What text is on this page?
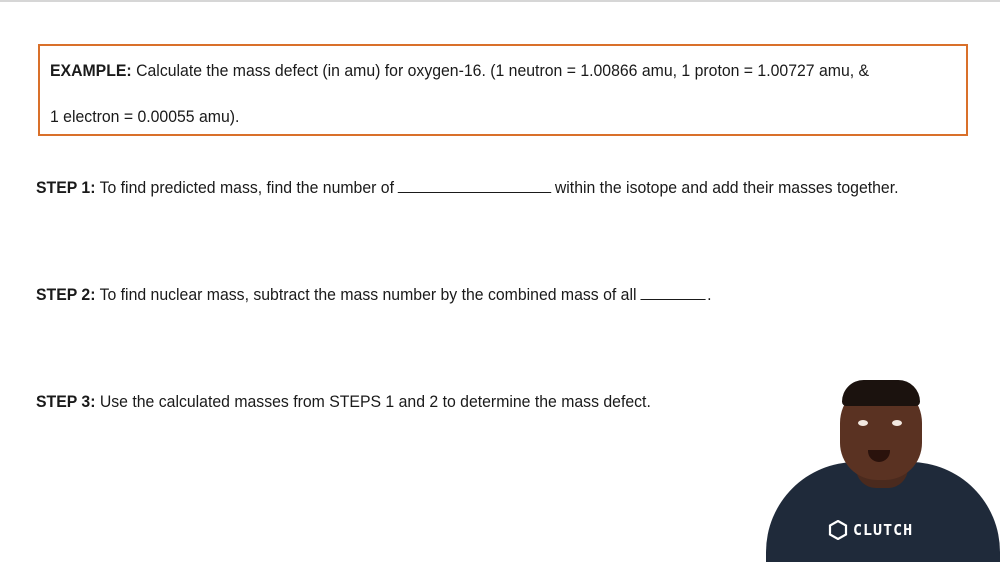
EXAMPLE: Calculate the mass defect (in amu) for oxygen-16. (1 neutron = 1.00866 amu, 1 proton = 1.00727 amu, &
1 electron = 0.00055 amu).
STEP 1: To find predicted mass, find the number of	within the isotope and add their masses together.
STEP 2: To find nuclear mass, subtract the mass number by the combined mass of all	.
STEP 3: Use the calculated masses from STEPS 1 and 2 to determine the mass defect.
CLUTCH
